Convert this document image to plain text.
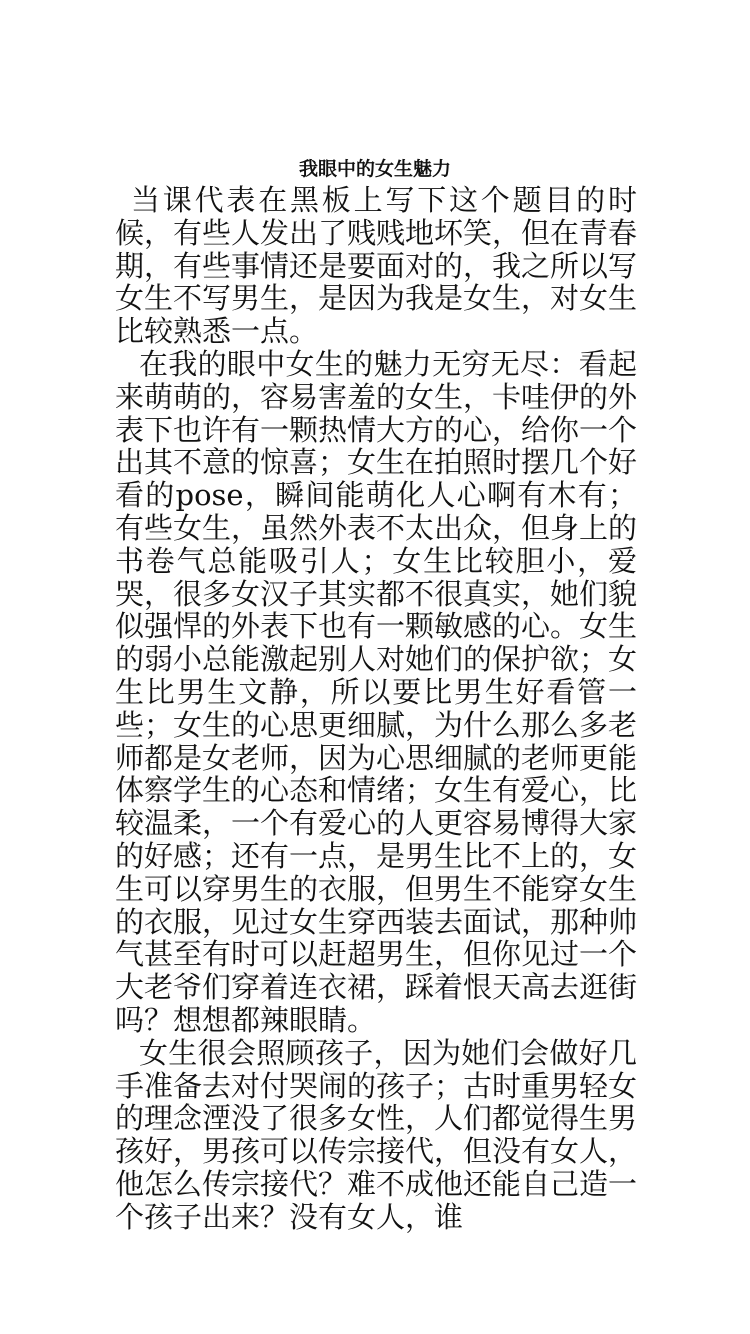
我眼中的女生魅力

当课代表在黑板上写下这个题目的时候，有些人发出了贱贱地坏笑，但在青春期，有些事情还是要面对的，我之所以写女生不写男生，是因为我是女生，对女生比较熟悉一点。

在我的眼中女生的魅力无穷无尽：看起来萌萌的，容易害羞的女生，卡哇伊的外表下也许有一颗热情大方的心，给你一个出其不意的惊喜；女生在拍照时摆几个好看的pose，瞬间能萌化人心啊有木有；有些女生，虽然外表不太出众，但身上的书卷气总能吸引人；女生比较胆小，爱哭，很多女汉子其实都不很真实，她们貌似强悍的外表下也有一颗敏感的心。女生的弱小总能激起别人对她们的保护欲；女生比男生文静，所以要比男生好看管一些；女生的心思更细腻，为什么那么多老师都是女老师，因为心思细腻的老师更能体察学生的心态和情绪；女生有爱心，比较温柔，一个有爱心的人更容易博得大家的好感；还有一点，是男生比不上的，女生可以穿男生的衣服，但男生不能穿女生的衣服，见过女生穿西装去面试，那种帅气甚至有时可以赶超男生，但你见过一个大老爷们穿着连衣裙，踩着恨天高去逛街吗？想想都辣眼睛。

女生很会照顾孩子，因为她们会做好几手准备去对付哭闹的孩子；古时重男轻女的理念湮没了很多女性，人们都觉得生男孩好，男孩可以传宗接代，但没有女人，他怎么传宗接代？难不成他还能自己造一个孩子出来？没有女人，谁
